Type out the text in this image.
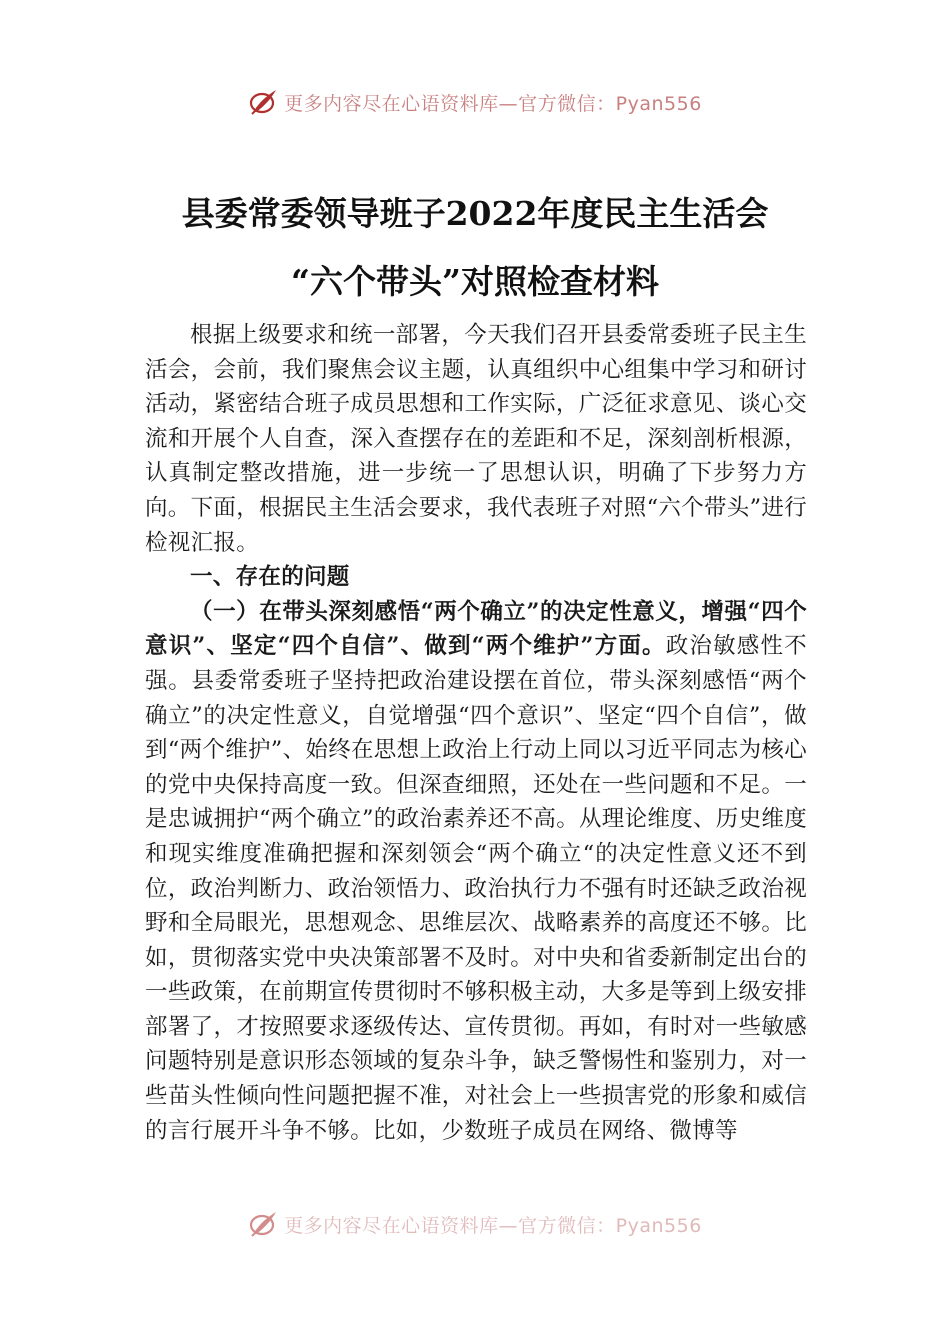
更多内容尽在心语资料库—官方微信：Pyan556
县委常委领导班子2022年度民主生活会
“六个带头”对照检查材料

根据上级要求和统一部署，今天我们召开县委常委班子民主生活会，会前，我们聚焦会议主题，认真组织中心组集中学习和研讨活动，紧密结合班子成员思想和工作实际，广泛征求意见、谈心交流和开展个人自查，深入查摆存在的差距和不足，深刻剖析根源，认真制定整改措施，进一步统一了思想认识，明确了下步努力方向。下面，根据民主生活会要求，我代表班子对照“六个带头”进行检视汇报。

一、存在的问题

（一）在带头深刻感悟“两个确立”的决定性意义，增强“四个意识”、坚定“四个自信”、做到“两个维护”方面。政治敏感性不强。县委常委班子坚持把政治建设摆在首位，带头深刻感悟“两个确立”的决定性意义，自觉增强“四个意识”、坚定“四个自信”，做到“两个维护”、始终在思想上政治上行动上同以习近平同志为核心的党中央保持高度一致。但深查细照，还处在一些问题和不足。一是忠诚拥护“两个确立”的政治素养还不高。从理论维度、历史维度和现实维度准确把握和深刻领会“两个确立“的决定性意义还不到位，政治判断力、政治领悟力、政治执行力不强有时还缺乏政治视野和全局眼光，思想观念、思维层次、战略素养的高度还不够。比如，贯彻落实党中央决策部署不及时。对中央和省委新制定出台的一些政策，在前期宣传贯彻时不够积极主动，大多是等到上级安排部署了，才按照要求逐级传达、宣传贯彻。再如，有时对一些敏感问题特别是意识形态领域的复杂斗争，缺乏警惕性和鉴别力，对一些苗头性倾向性问题把握不准，对社会上一些损害党的形象和威信的言行展开斗争不够。比如，少数班子成员在网络、微博等

更多内容尽在心语资料库—官方微信：Pyan556
